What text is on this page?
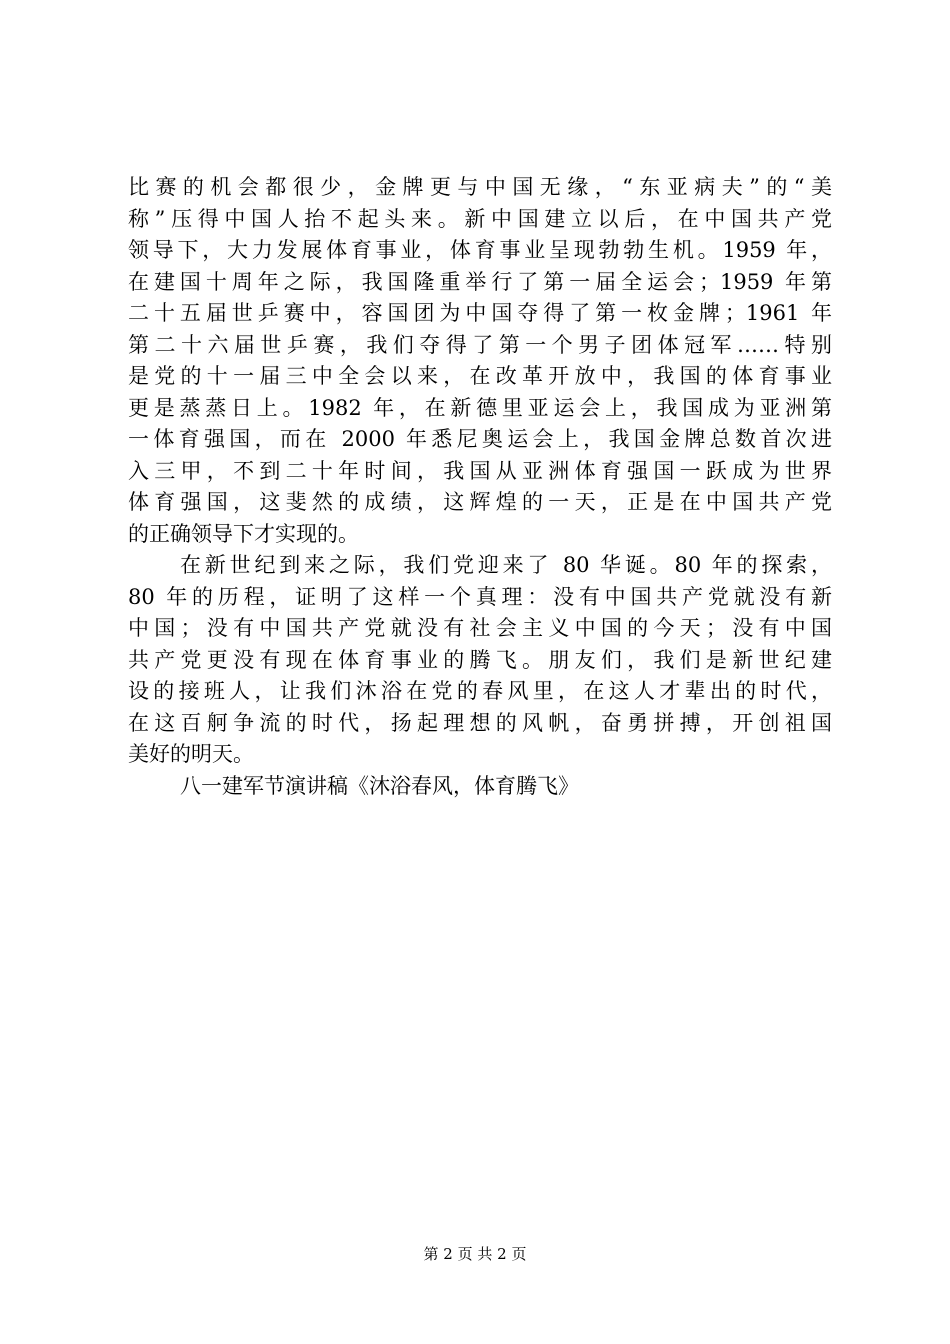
比赛的机会都很少，金牌更与中国无缘，“东亚病夫”的“美
称”压得中国人抬不起头来。新中国建立以后，在中国共产党
领导下，大力发展体育事业，体育事业呈现勃勃生机。1959 年，
在建国十周年之际，我国隆重举行了第一届全运会；1959 年第
二十五届世乒赛中，容国团为中国夺得了第一枚金牌；1961 年
第二十六届世乒赛，我们夺得了第一个男子团体冠军……特别
是党的十一届三中全会以来，在改革开放中，我国的体育事业
更是蒸蒸日上。1982 年，在新德里亚运会上，我国成为亚洲第
一体育强国，而在 2000 年悉尼奥运会上，我国金牌总数首次进
入三甲，不到二十年时间，我国从亚洲体育强国一跃成为世界
体育强国，这斐然的成绩，这辉煌的一天，正是在中国共产党
的正确领导下才实现的。
在新世纪到来之际，我们党迎来了 80 华诞。80 年的探索，
80 年的历程，证明了这样一个真理：没有中国共产党就没有新
中国；没有中国共产党就没有社会主义中国的今天；没有中国
共产党更没有现在体育事业的腾飞。朋友们，我们是新世纪建
设的接班人，让我们沐浴在党的春风里，在这人才辈出的时代，
在这百舸争流的时代，扬起理想的风帆，奋勇拼搏，开创祖国
美好的明天。
八一建军节演讲稿《沐浴春风，体育腾飞》
第 2 页 共 2 页
